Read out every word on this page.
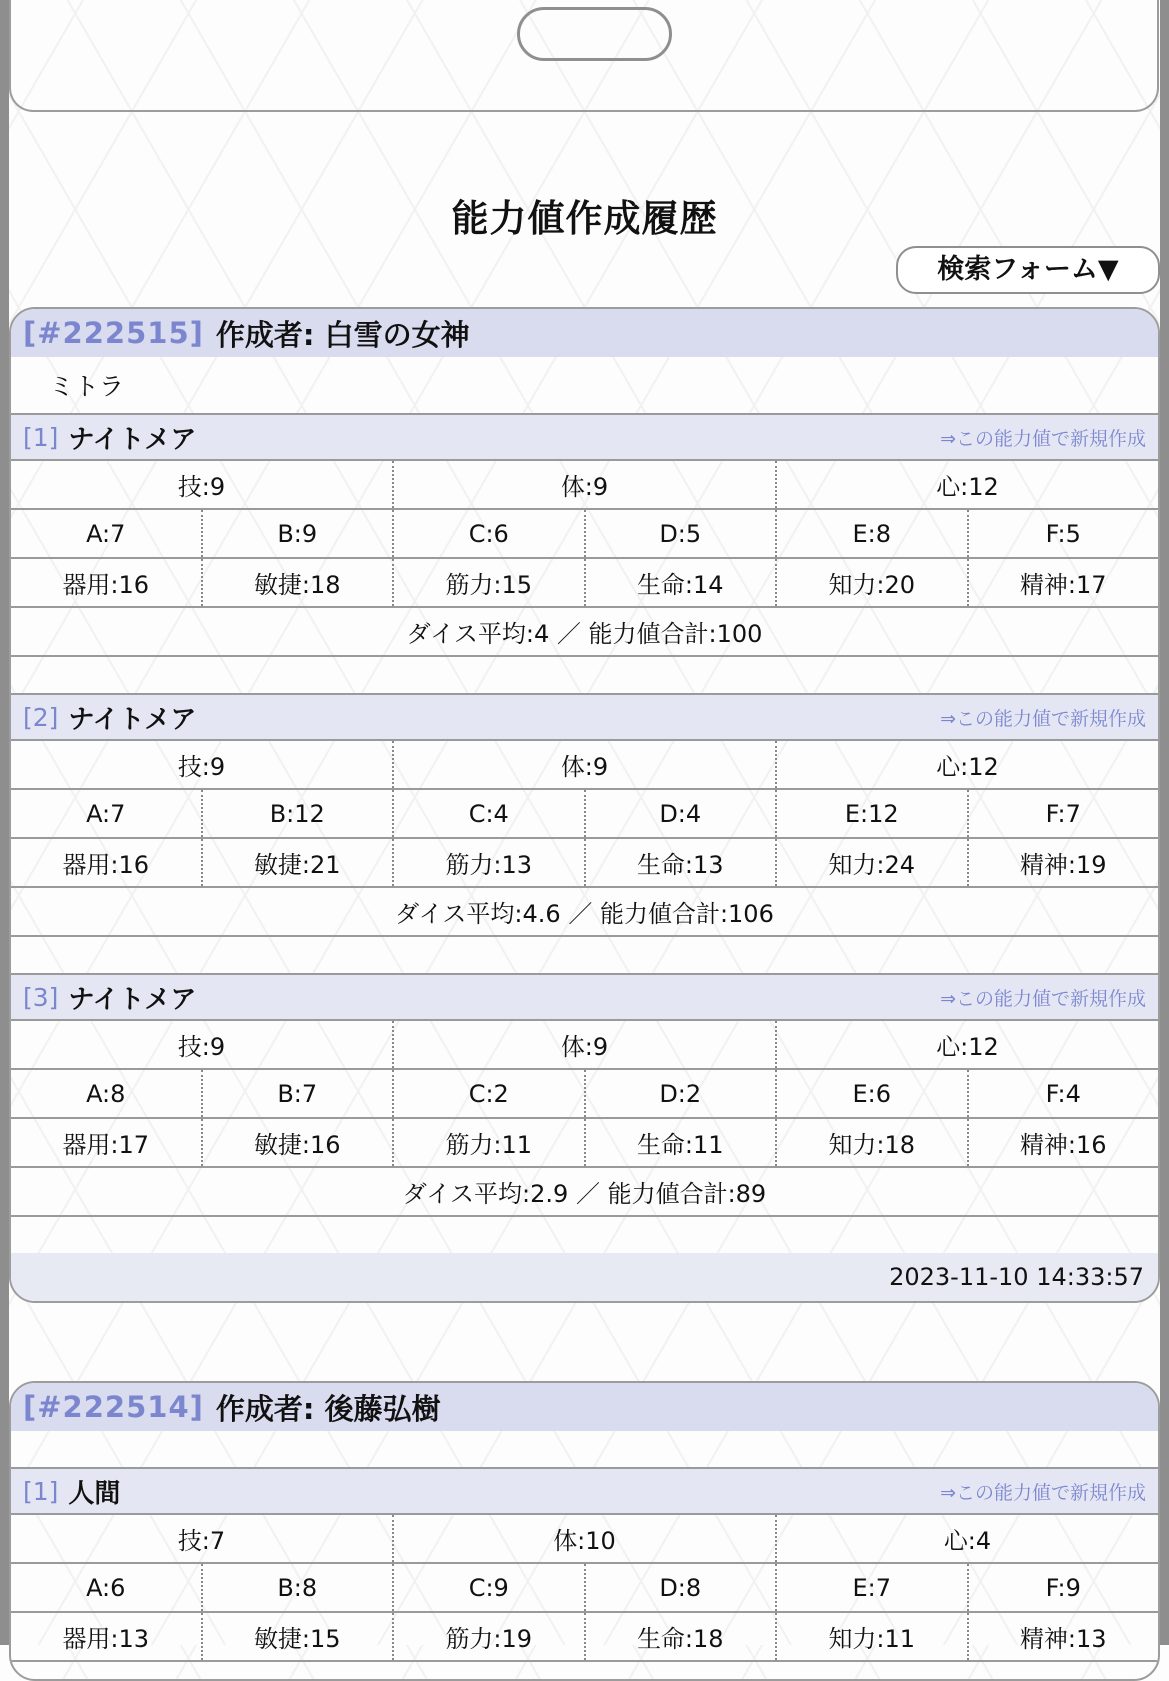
能力値作成履歴
検索フォーム▼
[#222515] 作成者: 白雪の女神
ミトラ
[1] ナイトメア	⇒この能力値で新規作成
技:9	体:9	心:12
A:7	B:9	C:6	D:5	E:8	F:5
器用:16	敏捷:18	筋力:15	生命:14	知力:20	精神:17
ダイス平均:4 ／ 能力値合計:100
[2] ナイトメア	⇒この能力値で新規作成
技:9	体:9	心:12
A:7	B:12	C:4	D:4	E:12	F:7
器用:16	敏捷:21	筋力:13	生命:13	知力:24	精神:19
ダイス平均:4.6 ／ 能力値合計:106
[3] ナイトメア	⇒この能力値で新規作成
技:9	体:9	心:12
A:8	B:7	C:2	D:2	E:6	F:4
器用:17	敏捷:16	筋力:11	生命:11	知力:18	精神:16
ダイス平均:2.9 ／ 能力値合計:89
2023-11-10 14:33:57
[#222514] 作成者: 後藤弘樹
[1] 人間	⇒この能力値で新規作成
技:7	体:10	心:4
A:6	B:8	C:9	D:8	E:7	F:9
器用:13	敏捷:15	筋力:19	生命:18	知力:11	精神:13
